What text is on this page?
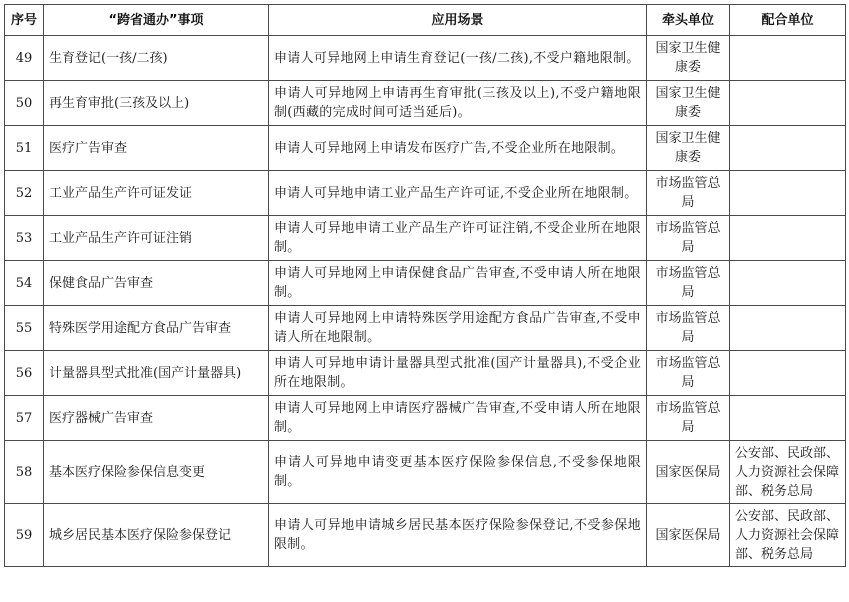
序号	“跨省通办”事项	应用场景	牵头单位	配合单位
49	生育登记(一孩/二孩)	申请人可异地网上申请生育登记(一孩/二孩),不受户籍地限制。	国家卫生健康委	
50	再生育审批(三孩及以上)	申请人可异地网上申请再生育审批(三孩及以上),不受户籍地限制(西藏的完成时间可适当延后)。	国家卫生健康委	
51	医疗广告审查	申请人可异地网上申请发布医疗广告,不受企业所在地限制。	国家卫生健康委	
52	工业产品生产许可证发证	申请人可异地申请工业产品生产许可证,不受企业所在地限制。	市场监管总局	
53	工业产品生产许可证注销	申请人可异地申请工业产品生产许可证注销,不受企业所在地限制。	市场监管总局	
54	保健食品广告审查	申请人可异地网上申请保健食品广告审查,不受申请人所在地限制。	市场监管总局	
55	特殊医学用途配方食品广告审查	申请人可异地网上申请特殊医学用途配方食品广告审查,不受申请人所在地限制。	市场监管总局	
56	计量器具型式批准(国产计量器具)	申请人可异地申请计量器具型式批准(国产计量器具),不受企业所在地限制。	市场监管总局	
57	医疗器械广告审查	申请人可异地网上申请医疗器械广告审查,不受申请人所在地限制。	市场监管总局	
58	基本医疗保险参保信息变更	申请人可异地申请变更基本医疗保险参保信息,不受参保地限制。	国家医保局	公安部、民政部、人力资源社会保障部、税务总局
59	城乡居民基本医疗保险参保登记	申请人可异地申请城乡居民基本医疗保险参保登记,不受参保地限制。	国家医保局	公安部、民政部、人力资源社会保障部、税务总局
